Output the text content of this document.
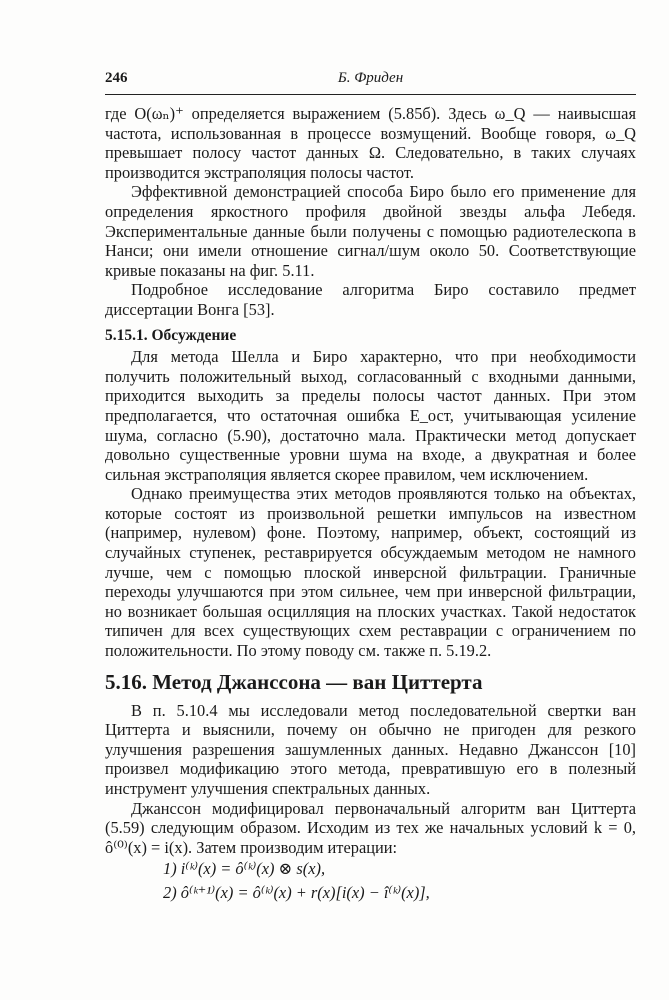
246	Б. Фриден

где O(ωₙ)⁺ определяется выражением (5.85б). Здесь ω_Q — наивысшая частота, использованная в процессе возмущений. Вообще говоря, ω_Q превышает полосу частот данных Ω. Следовательно, в таких случаях производится экстраполяция полосы частот.

Эффективной демонстрацией способа Биро было его применение для определения яркостного профиля двойной звезды альфа Лебедя. Экспериментальные данные были получены с помощью радиотелескопа в Нанси; они имели отношение сигнал/шум около 50. Соответствующие кривые показаны на фиг. 5.11.

Подробное исследование алгоритма Биро составило предмет диссертации Вонга [53].

5.15.1. Обсуждение

Для метода Шелла и Биро характерно, что при необходимости получить положительный выход, согласованный с входными данными, приходится выходить за пределы полосы частот данных. При этом предполагается, что остаточная ошибка E_ост, учитывающая усиление шума, согласно (5.90), достаточно мала. Практически метод допускает довольно существенные уровни шума на входе, а двукратная и более сильная экстраполяция является скорее правилом, чем исключением.

Однако преимущества этих методов проявляются только на объектах, которые состоят из произвольной решетки импульсов на известном (например, нулевом) фоне. Поэтому, например, объект, состоящий из случайных ступенек, реставрируется обсуждаемым методом не намного лучше, чем с помощью плоской инверсной фильтрации. Граничные переходы улучшаются при этом сильнее, чем при инверсной фильтрации, но возникает большая осцилляция на плоских участках. Такой недостаток типичен для всех существующих схем реставрации с ограничением по положительности. По этому поводу см. также п. 5.19.2.

5.16. Метод Джанссона — ван Циттерта

В п. 5.10.4 мы исследовали метод последовательной свертки ван Циттерта и выяснили, почему он обычно не пригоден для резкого улучшения разрешения зашумленных данных. Недавно Джанссон [10] произвел модификацию этого метода, превратившую его в полезный инструмент улучшения спектральных данных.

Джанссон модифицировал первоначальный алгоритм ван Циттерта (5.59) следующим образом. Исходим из тех же начальных условий k = 0, ô⁽⁰⁾(x) = i(x). Затем производим итерации:

1) i⁽ᵏ⁾(x) = ô⁽ᵏ⁾(x) ⊗ s(x),
2) ô⁽ᵏ⁺¹⁾(x) = ô⁽ᵏ⁾(x) + r(x)[i(x) − î⁽ᵏ⁾(x)],
